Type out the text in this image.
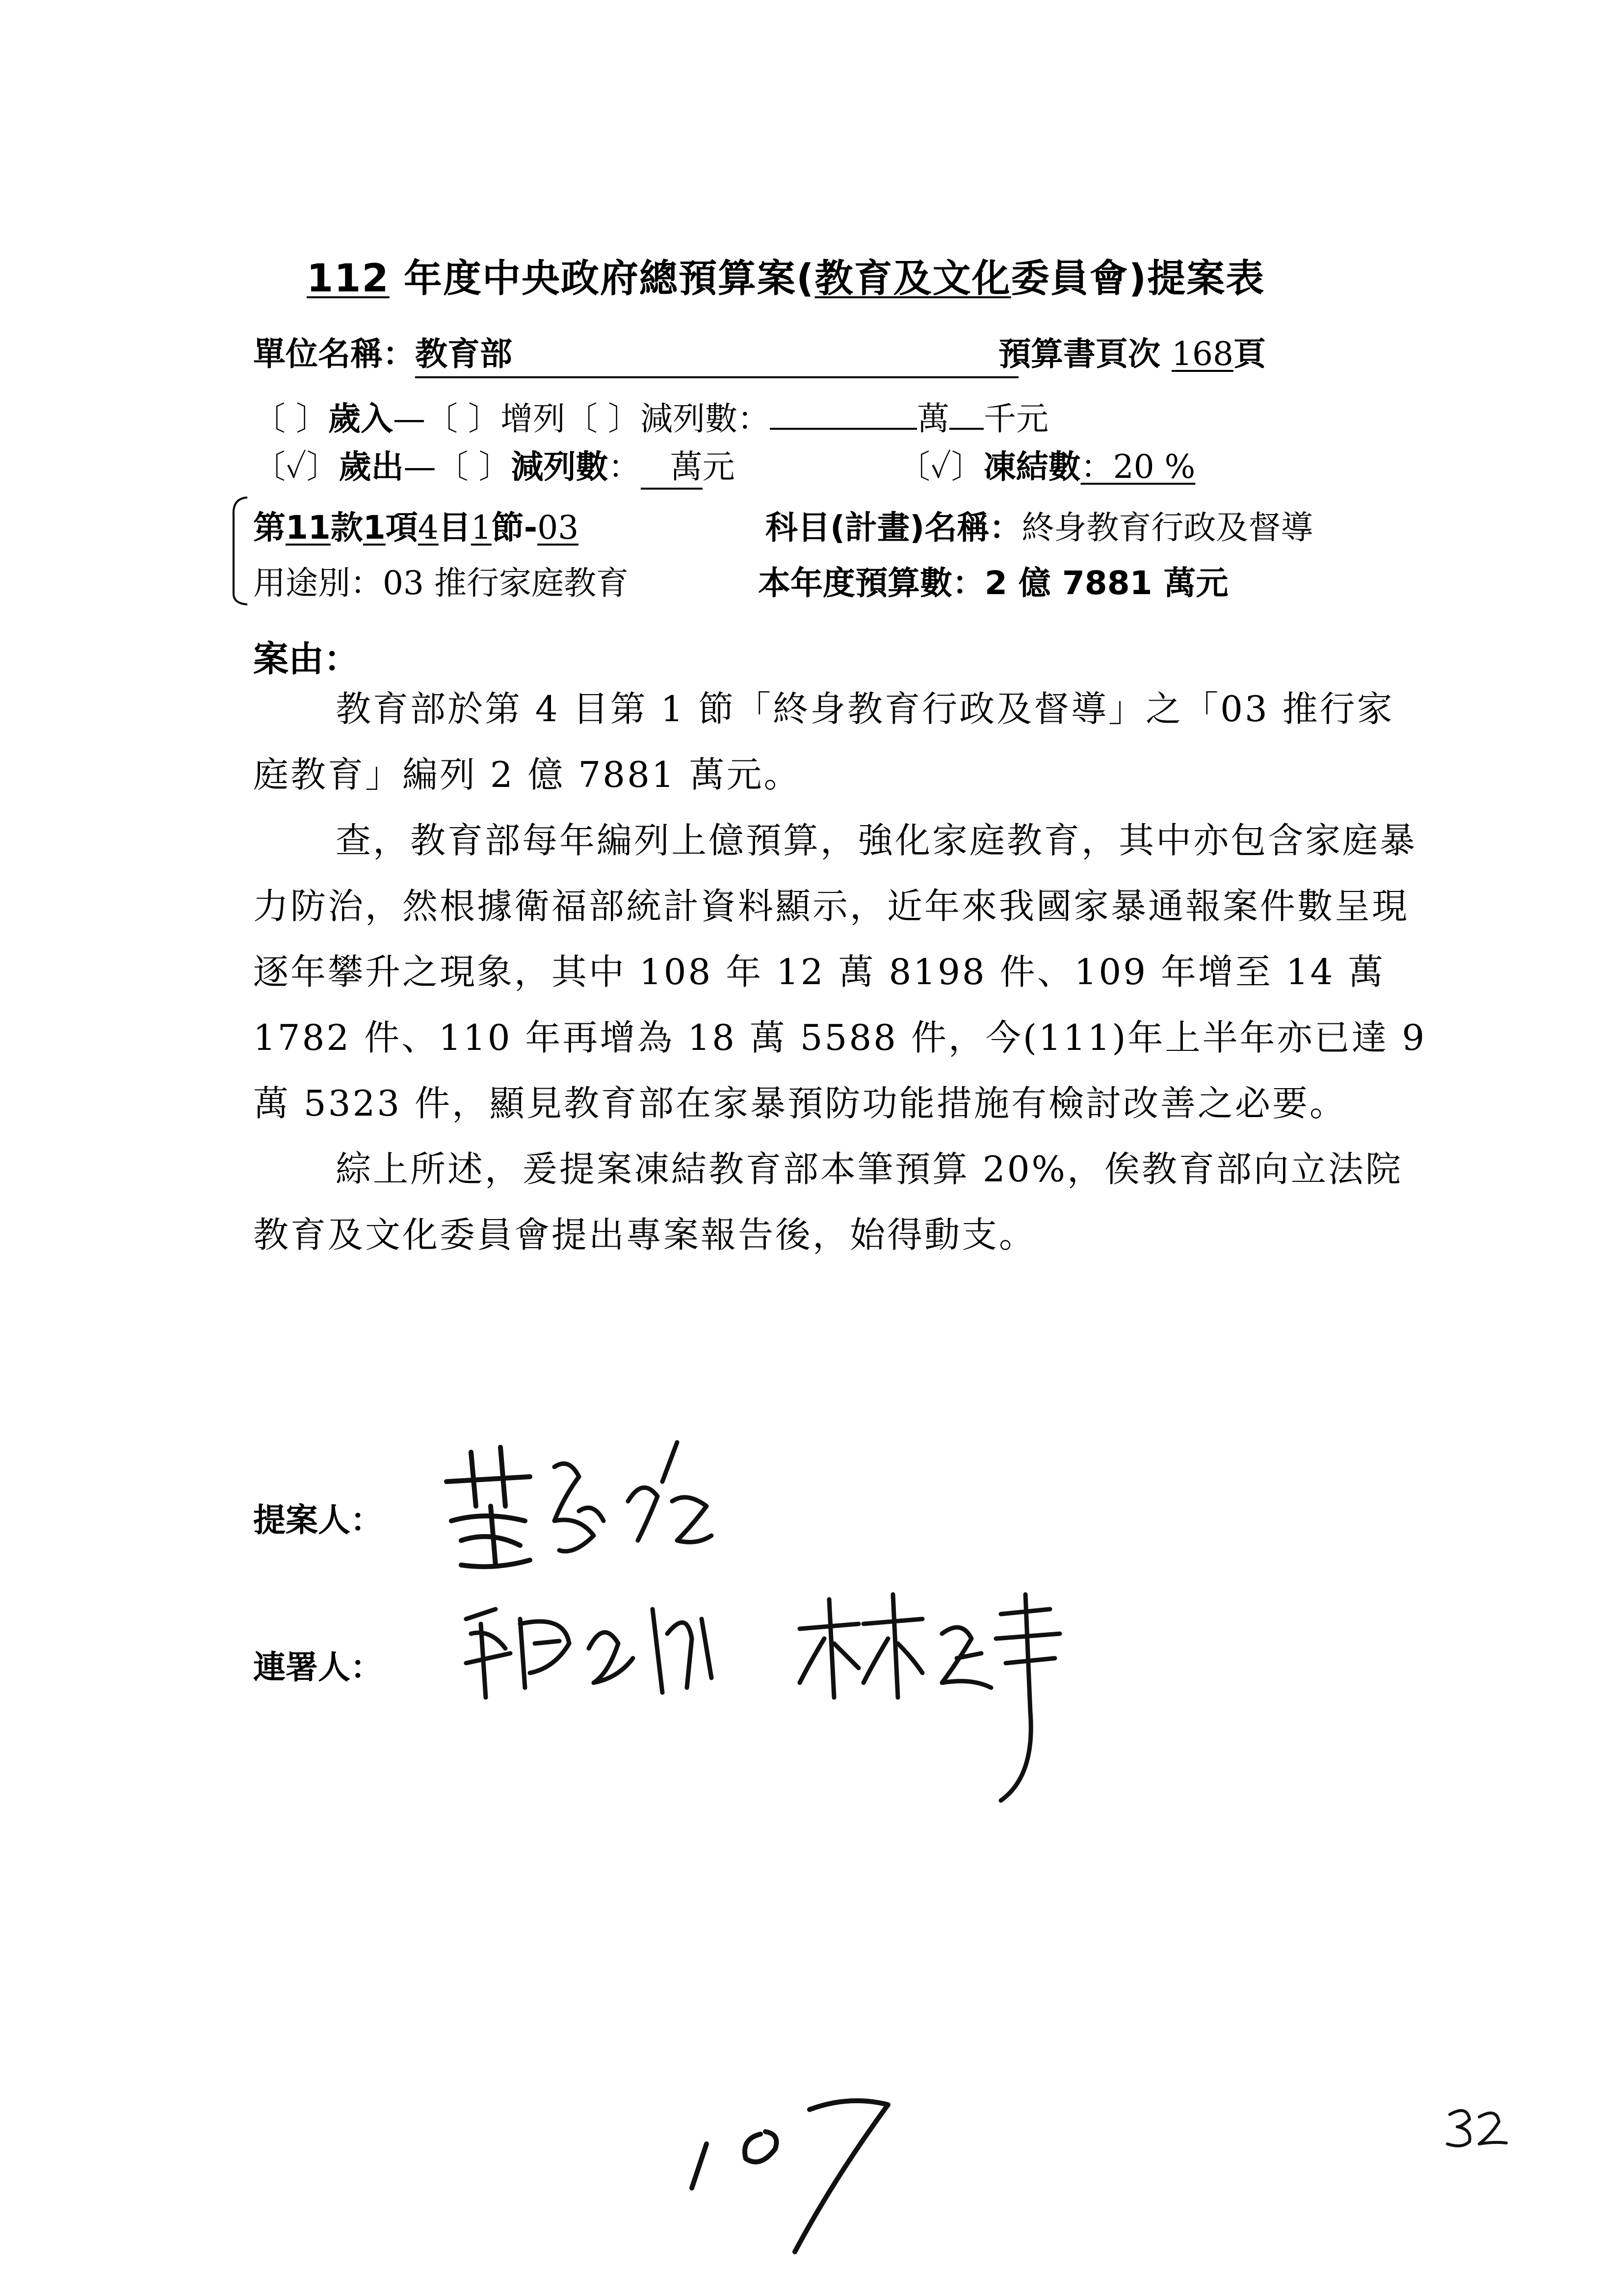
112 年度中央政府總預算案(教育及文化委員會)提案表
單位名稱：教育部	預算書頁次 168頁
〔 〕歲入—〔 〕增列〔 〕減列數：	萬 千元
〔✓〕歲出—〔 〕減列數： 萬元	〔✓〕凍結數：20 %
第11款1項4目1節-03	科目(計畫)名稱：終身教育行政及督導
用途別：03 推行家庭教育	本年度預算數：2 億 7881 萬元
案由：
教育部於第 4 目第 1 節「終身教育行政及督導」之「03 推行家庭教育」編列 2 億 7881 萬元。
查，教育部每年編列上億預算，強化家庭教育，其中亦包含家庭暴力防治，然根據衛福部統計資料顯示，近年來我國家暴通報案件數呈現逐年攀升之現象，其中 108 年 12 萬 8198 件、109 年增至 14 萬 1782 件、110 年再增為 18 萬 5588 件，今(111)年上半年亦已達 9 萬 5323 件，顯見教育部在家暴預防功能措施有檢討改善之必要。
綜上所述，爰提案凍結教育部本筆預算 20%，俟教育部向立法院教育及文化委員會提出專案報告後，始得動支。
提案人：
連署人：
